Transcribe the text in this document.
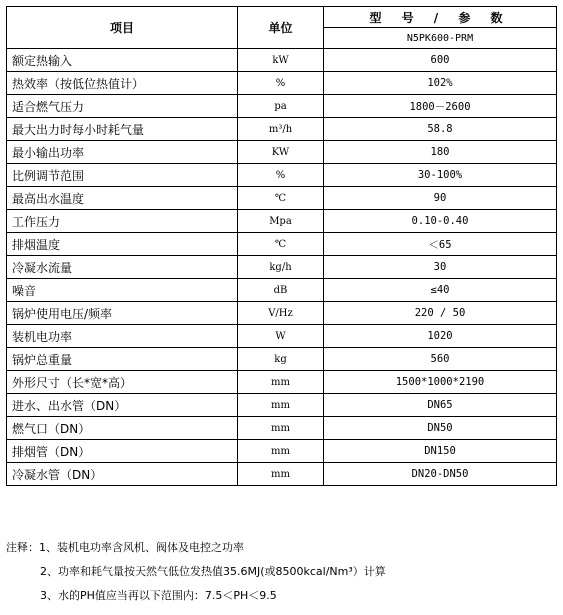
项目	单位	型 号 / 参 数
		N5PK600-PRM
额定热输入	kW	600
热效率（按低位热值计）	%	102%
适合燃气压力	pa	1800－2600
最大出力时每小时耗气量	m³/h	58.8
最小输出功率	KW	180
比例调节范围	%	30-100%
最高出水温度	℃	90
工作压力	Mpa	0.10-0.40
排烟温度	℃	＜65
冷凝水流量	kg/h	30
噪音	dB	≤40
锅炉使用电压/频率	V/Hz	220 / 50
装机电功率	W	1020
锅炉总重量	kg	560
外形尺寸（长*宽*高）	mm	1500*1000*2190
进水、出水管（DN）	mm	DN65
燃气口（DN）	mm	DN50
排烟管（DN）	mm	DN150
冷凝水管（DN）	mm	DN20-DN50
注释：1、装机电功率含风机、阀体及电控之功率
2、功率和耗气量按天然气低位发热值35.6MJ(或8500kcal/Nm³）计算
3、水的PH值应当再以下范围内：7.5＜PH＜9.5
